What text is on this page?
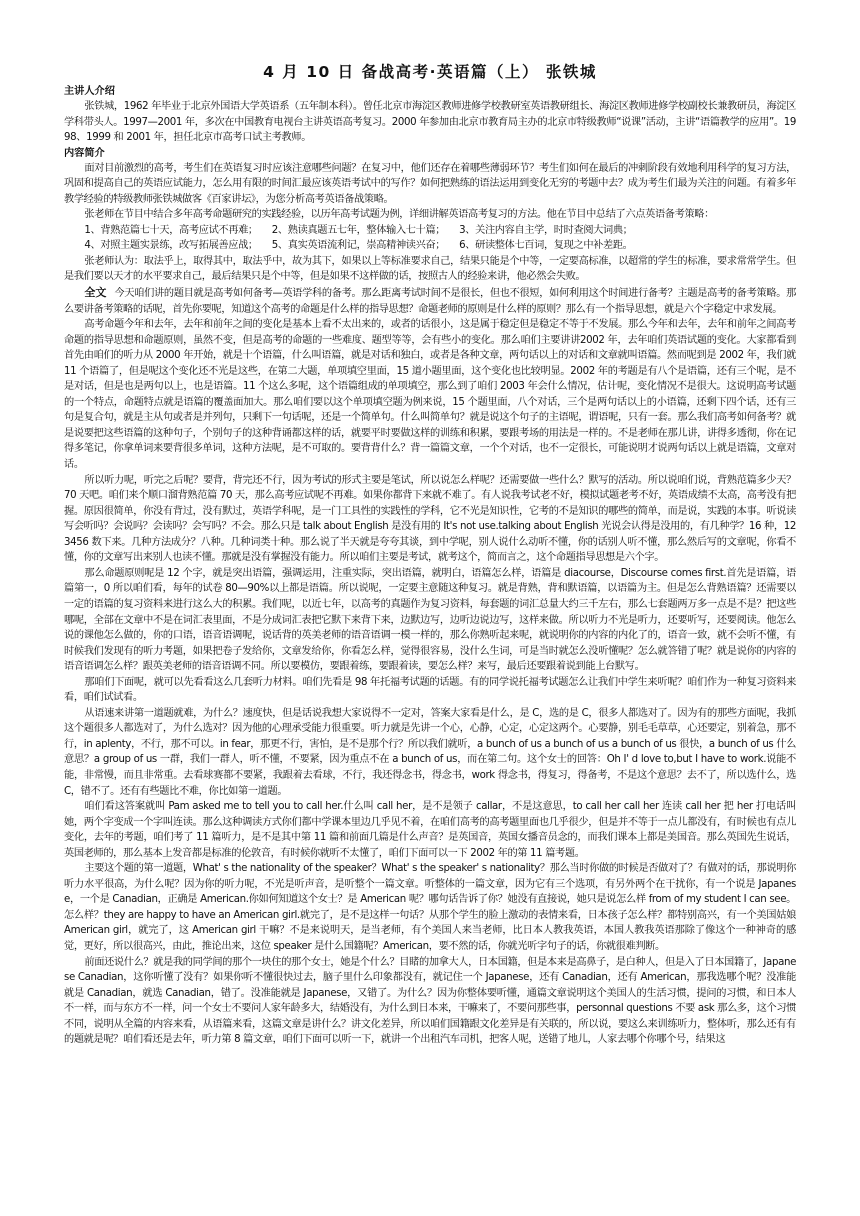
4 月 10 日 备战高考·英语篇（上） 张铁城

主讲人介绍

张铁城，1962 年毕业于北京外国语大学英语系（五年制本科）。曾任北京市海淀区教师进修学校教研室英语教研组长、海淀区教师进修学校副校长兼教研员，海淀区学科带头人。1997—2001 年，多次在中国教育电视台主讲英语高考复习。2000 年参加由北京市教育局主办的北京市特级教师“说课”活动，主讲“语篇教学的应用”。1998、1999 和 2001 年，担任北京市高考口试主考教师。

内容简介

面对目前激烈的高考，考生们在英语复习时应该注意哪些问题？在复习中，他们还存在着哪些薄弱环节？考生们如何在最后的冲刺阶段有效地利用科学的复习方法，巩固和提高自己的英语应试能力，怎么用有限的时间汇最应该英语考试中的写作？如何把熟练的语法运用到变化无穷的考题中去？成为考生们最为关注的问题。有着多年教学经验的特级教师张铁城做客《百家讲坛》，为您分析高考英语备战策略。

张老师在节目中结合多年高考命题研究的实践经验，以历年高考试题为例，详细讲解英语高考复习的方法。他在节目中总结了六点英语备考策略：

1、背熟范篇七十天，高考应试不再难； 2、熟读真题五七年，整体输入七十篇； 3、关注内容自主学，时时查阅大词典；
4、对照主题实景练，改写拓展善应战； 5、真实英语流利记，崇高精神读兴奋； 6、研读整体七百词，复现之中补差距。

张老师认为：取法乎上，取得其中，取法乎中，故为其下，如果以上等标准要求自己，结果只能是个中等，一定要高标准，以超常的学生的标准，要求常常学生。但是我们要以天才的水平要求自己，最后结果只是个中等，但是如果不这样做的话，按照古人的经验来讲，他必然会失败。

全文 今天咱们讲的题目就是高考如何备考—英语学科的备考。那么距离考试时间不是很长，但也不很短，如何利用这个时间进行备考？主题是高考的备考策略。那么要讲备考策略的话呢，首先你要呢，知道这个高考的命题是什么样的指导思想？命题老师的原则是什么样的原则？那么有一个指导思想，就是六个字稳定中求发展。

高考命题今年和去年，去年和前年之间的变化是基本上看不太出来的，或者的话很小，这是属于稳定但是稳定不等于不发展。那么今年和去年，去年和前年之间高考命题的指导思想和命题原则，虽然不变，但是高考的命题的一些难度、题型等等，会有些小的变化。那么咱们主要讲讲2002 年，去年咱们英语试题的变化。大家都看到首先由咱们的听力从 2000 年开始，就是十个语篇，什么叫语篇，就是对话和独白，或者是各种文章，两句话以上的对话和文章就叫语篇。然而呢到是 2002 年，我们就 11 个语篇了，但是呢这个变化还不光是这些，在第二大题，单项填空里面，15 道小题里面，这个变化也比较明显。2002 年的考题是有八个是语篇，还有三个呢，是不是对话，但是也是两句以上，也是语篇。11 个这么多呢，这个语篇组成的单项填空，那么到了咱们 2003 年会什么情况，估计呢，变化情况不是很大。这说明高考试题的一个特点，命题特点就是语篇的覆盖面加大。那么咱们要以这个单项填空题为例来说，15 个题里面，八个对话，三个是两句话以上的小语篇，还剩下四个话，还有三句是复合句，就是主从句或者是并列句，只剩下一句话呢，还是一个简单句。什么叫简单句？就是说这个句子的主语呢，谓语呢，只有一套。那么我们高考如何备考？就是说要把这些语篇的这种句子，个别句子的这种背诵都这样的话，就要平时要做这样的训练和积累，要跟考场的用法是一样的。不是老师在那儿讲，讲得多透彻，你在记得多笔记，你拿单词来要背很多单词，这种方法呢，是不可取的。要背背什么？背一篇篇文章，一个个对话，也不一定很长，可能说明才说两句话以上就是语篇，文章对话。

所以听力呢，听完之后呢？要背，背完还不行，因为考试的形式主要是笔试，所以说怎么样呢？还需要做一些什么？默写的活动。所以说咱们说，背熟范篇多少天？70 天吧。咱们来个顺口溜背熟范篇 70 天，那么高考应试呢不再难。如果你都背下来就不难了。有人说我考试老不好，模拟试题老考不好，英语成绩不太高，高考没有把握。原因很简单，你没有背过，没有默过，英语学科呢，是一门工具性的实践性的学科，它不光是知识性，它考的不是知识的哪些的简单，而是说，实践的本事。听说读写会听吗？会说吗？会读吗？会写吗？不会。那么只是 talk about English 是没有用的 It's not use.talking about English 光说会认得是没用的，有几种学？16 种，123456 数下来。几种方法成分？八种。几种词类十种。那么说了半天就是夸夸其谈，到中学呢，别人说什么动听不懂，你的话别人听不懂，那么然后写的文章呢，你看不懂，你的文章写出来别人也读不懂。那就是没有掌握没有能力。所以咱们主要是考试，就考这个，简而言之，这个命题指导思想是六个字。

那么命题原则呢是 12 个字，就是突出语篇，强调运用，注重实际，突出语篇，就明白，语篇怎么样，语篇是 diacourse，Discourse comes first.首先是语篇，语篇第一，0 所以咱们看，每年的试卷 80—90%以上都是语篇。所以说呢，一定要主意随这种复习。就是背熟，背和默语篇，以语篇为主。但是怎么背熟语篇？还需要以一定的语篇的复习资料来进行这么大的积累。我们呢，以近七年，以高考的真题作为复习资料，每套题的词汇总量大约三千左右，那么七套题两万多一点是不是？把这些哪呢，全部在文章中不是在词汇表里面，不是分成词汇表把它默下来背下来，边默边写，边听边说边写，这样来做。所以听力不光是听力，还要听写，还要阅读。他怎么说的课他怎么做的，你的口语，语音语调呢，说话背的英美老师的语音语调一模一样的，那么你熟听起来呢，就说明你的内容的内化了的，语音一致，就不会听不懂，有时候我们发现有的听力考题，如果把卷子发给你，文章发给你，你看怎么样，觉得很容易，没什么生词，可是当时就怎么没听懂呢？怎么就答错了呢？就是说你的内容的语音语调怎么样？跟英美老师的语音语调不同。所以要模仿，要跟着练，要跟着读，要怎么样？来写，最后还要跟着说到能上台默写。

那咱们下面呢，就可以先看看这么几套听力材料。咱们先看是 98 年托福考试题的话题。有的同学说托福考试题怎么让我们中学生来听呢？咱们作为一种复习资料来看，咱们试试看。

从语速来讲第一道题就难，为什么？速度快，但是话说我想大家说得不一定对，答案大家看是什么，是 C，选的是 C，很多人都选对了。因为有的那些方面呢，我抓这个题很多人都选对了，为什么选对？因为他的心理承受能力很重要。听力就是先讲一个心，心静，心定，心定这两个。心要静，别毛毛草草，心还要定，别着急，那不行，in aplenty，不行，那不可以。in fear，那更不行，害怕，是不是那个行？所以我们就听，a bunch of us a bunch of us a bunch of us 很快，a bunch of us 什么意思？a group of us 一群，我们一群人，听不懂，不要紧，因为重点不在 a bunch of us，而在第二句。这个女士的回答：Oh I' d love to,but I have to work.说能不能，非常慢，而且非常重。去看球赛都不要紧，我跟着去看球，不行，我还得念书，得念书，work 得念书，得复习，得备考，不是这个意思？去不了，所以选什么，选 C，错不了。还有有些题比不难，你比如第一道题。

咱们看这答案就叫 Pam asked me to tell you to call her.什么叫 call her，是不是领子 callar，不是这意思，to call her call her 连读 call her 把 her 打电话叫她，两个字变成一个字叫连读。那么这种调读方式你们都中学课本里边几乎见不着，在咱们高考的高考题里面也几乎很少，但是并不等于一点儿都没有，有时候也有点儿变化，去年的考题，咱们考了 11 篇听力，是不是其中第 11 篇和前面几篇是什么声音？是英国音，英国女播音员念的，而我们课本上都是美国音。那么英国先生说话，英国老师的，那么基本上发音都是标准的伦敦音，有时候你就听不太懂了，咱们下面可以一下 2002 年的第 11 篇考题。

主要这个题的第一道题，What' s the nationality of the speaker？What' s the speaker' s nationality？那么当时你做的时候是否做对了？有做对的话，那说明你听力水平很高，为什么呢？因为你的听力呢，不光是听声音，是听整个一篇文章。听整体的一篇文章，因为它有三个选项，有另外两个在干扰你，有一个说是 Japanese，一个是 Canadian，正确是 American.你如何知道这个女士？是 American 呢？哪句话告诉了你？她没有直接说，她只是说怎么样 from of my student I can see。怎么样？they are happy to have an American girl.就完了，是不是这样一句话？从那个学生的脸上激动的表情来看，日本孩子怎么样？都特别高兴，有一个美国姑娘 American girl，就完了，这 American girl 干嘛？不是来说明天，是当老师，有个美国人来当老师，比日本人教我英语，本国人教我英语那除了像这个一种神奇的感觉，更好，所以很高兴，由此，推论出来，这位 speaker 是什么国籍呢？American，要不然的话，你就光听字句子的话，你就很难判断。

前面还说什么？就是我的同学间的那个一块住的那个女士，她是个什么？目睹的加拿大人，日本国籍，但是本来是高鼻子，是白种人，但是入了日本国籍了，Japanese Canadian，这你听懂了没有？如果你听不懂很快过去，脑子里什么印象都没有，就记住一个 Japanese，还有 Canadian，还有 American，那我选哪个呢？没准能就是 Canadian，就选 Canadian，错了。没准能就是 Japanese，又错了。为什么？因为你整体要听懂，通篇文章说明这个美国人的生活习惯，提问的习惯，和日本人不一样，而与东方不一样，问一个女士不要问人家年龄多大，结婚没有，为什么到日本来，干嘛来了，不要问那些事，personnal questions 不要 ask 那么多，这个习惯不同，说明从全篇的内容来看，从语篇来看，这篇文章是讲什么？讲文化差异，所以咱们国籍跟文化差异是有关联的，所以说，要这么来训练听力，整体听，那么还有有的题就是呢？咱们看还是去年，听力第 8 篇文章，咱们下面可以听一下，就讲一个出租汽车司机，把客人呢，送错了地儿，人家去哪个你哪个号，结果这
